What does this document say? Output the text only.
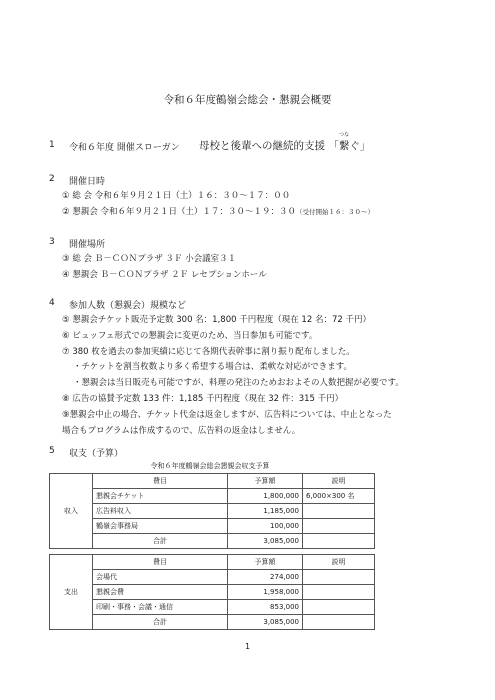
令和６年度鶴嶺会総会・懇親会概要
1 令和６年度 開催スローガン 母校と後輩への継続的支援 「繋
つな
ぐ」
2 開催日時
① 総 会 令和６年９月２１日（土）１６：３０～１７：００
② 懇親会 令和６年９月２１日（土）１７：３０～１９：３０（受付開始１６：３０～）
3 開催場所
③ 総 会 Ｂ－ＣＯＮプラザ ３Ｆ 小会議室３１
④ 懇親会 Ｂ－ＣＯＮプラザ ２Ｆ レセプションホール
4 参加人数（懇親会）規模など
⑤ 懇親会チケット販売予定数 300 名：1,800 千円程度（現在 12 名：72 千円）
⑥ ビュッフェ形式での懇親会に変更のため、当日参加も可能です。
⑦ 380 枚を過去の参加実績に応じて各期代表幹事に割り振り配布しました。
・チケットを割当枚数より多く希望する場合は、柔軟な対応ができます。
・懇親会は当日販売も可能ですが、料理の発注のためおおよその人数把握が必要です。
⑧ 広告の協賛予定数 133 件：1,185 千円程度（現在 32 件：315 千円）
⑨懇親会中止の場合、チケット代金は返金しますが、広告料については、中止となった
場合もプログラムは作成するので、広告料の返金はしません。
5 収支（予算）
令和６年度鶴嶺会総会懇親会収支予算
収入	費目	予算額	説明
	懇親会チケット	1,800,000	6,000×300 名
	広告料収入	1,185,000	
	鶴嶺会事務局	100,000	
	合計	3,085,000	
支出	費目	予算額	説明
	会場代	274,000	
	懇親会費	1,958,000	
	印刷・事務・会議・通信	853,000	
	合計	3,085,000	
1
